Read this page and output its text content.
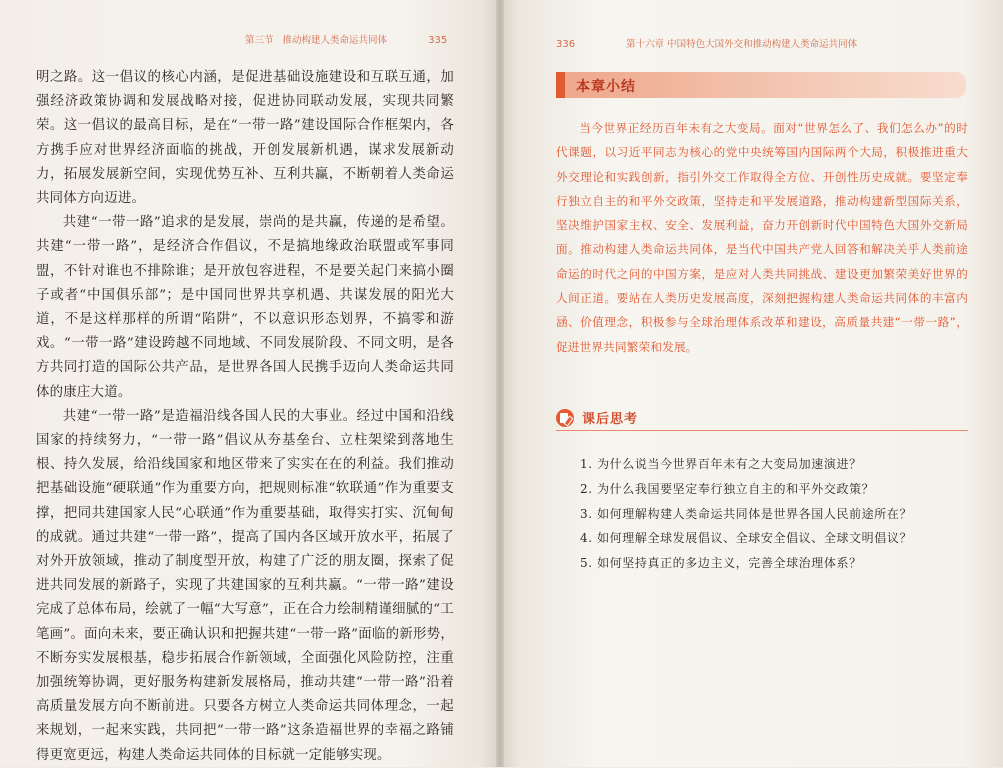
第三节 推动构建人类命运共同体	335

明之路。这一倡议的核心内涵，是促进基础设施建设和互联互通，加强经济政策协调和发展战略对接，促进协同联动发展，实现共同繁荣。这一倡议的最高目标，是在“一带一路”建设国际合作框架内，各方携手应对世界经济面临的挑战，开创发展新机遇，谋求发展新动力，拓展发展新空间，实现优势互补、互利共赢，不断朝着人类命运共同体方向迈进。

共建“一带一路”追求的是发展，崇尚的是共赢，传递的是希望。共建“一带一路”，是经济合作倡议，不是搞地缘政治联盟或军事同盟，不针对谁也不排除谁；是开放包容进程，不是要关起门来搞小圈子或者“中国俱乐部”；是中国同世界共享机遇、共谋发展的阳光大道，不是这样那样的所谓“陷阱”，不以意识形态划界，不搞零和游戏。“一带一路”建设跨越不同地域、不同发展阶段、不同文明，是各方共同打造的国际公共产品，是世界各国人民携手迈向人类命运共同体的康庄大道。

共建“一带一路”是造福沿线各国人民的大事业。经过中国和沿线国家的持续努力，“一带一路”倡议从夯基垒台、立柱架梁到落地生根、持久发展，给沿线国家和地区带来了实实在在的利益。我们推动把基础设施“硬联通”作为重要方向，把规则标准“软联通”作为重要支撑，把同共建国家人民“心联通”作为重要基础，取得实打实、沉甸甸的成就。通过共建“一带一路”，提高了国内各区域开放水平，拓展了对外开放领域，推动了制度型开放，构建了广泛的朋友圈，探索了促进共同发展的新路子，实现了共建国家的互利共赢。“一带一路”建设完成了总体布局，绘就了一幅“大写意”，正在合力绘制精谨细腻的“工笔画”。面向未来，要正确认识和把握共建“一带一路”面临的新形势，不断夯实发展根基，稳步拓展合作新领域，全面强化风险防控，注重加强统筹协调，更好服务构建新发展格局，推动共建“一带一路”沿着高质量发展方向不断前进。只要各方树立人类命运共同体理念，一起来规划，一起来实践，共同把“一带一路”这条造福世界的幸福之路铺得更宽更远，构建人类命运共同体的目标就一定能够实现。

336	第十六章 中国特色大国外交和推动构建人类命运共同体
本章小结

当今世界正经历百年未有之大变局。面对“世界怎么了、我们怎么办”的时代课题，以习近平同志为核心的党中央统筹国内国际两个大局，积极推进重大外交理论和实践创新，指引外交工作取得全方位、开创性历史成就。要坚定奉行独立自主的和平外交政策，坚持走和平发展道路，推动构建新型国际关系，坚决维护国家主权、安全、发展利益，奋力开创新时代中国特色大国外交新局面。推动构建人类命运共同体，是当代中国共产党人回答和解决关乎人类前途命运的时代之问的中国方案，是应对人类共同挑战、建设更加繁荣美好世界的人间正道。要站在人类历史发展高度，深刻把握构建人类命运共同体的丰富内涵、价值理念，积极参与全球治理体系改革和建设，高质量共建“一带一路”，促进世界共同繁荣和发展。

课后思考
1. 为什么说当今世界百年未有之大变局加速演进？
2. 为什么我国要坚定奉行独立自主的和平外交政策？
3. 如何理解构建人类命运共同体是世界各国人民前途所在？
4. 如何理解全球发展倡议、全球安全倡议、全球文明倡议？
5. 如何坚持真正的多边主义，完善全球治理体系？
